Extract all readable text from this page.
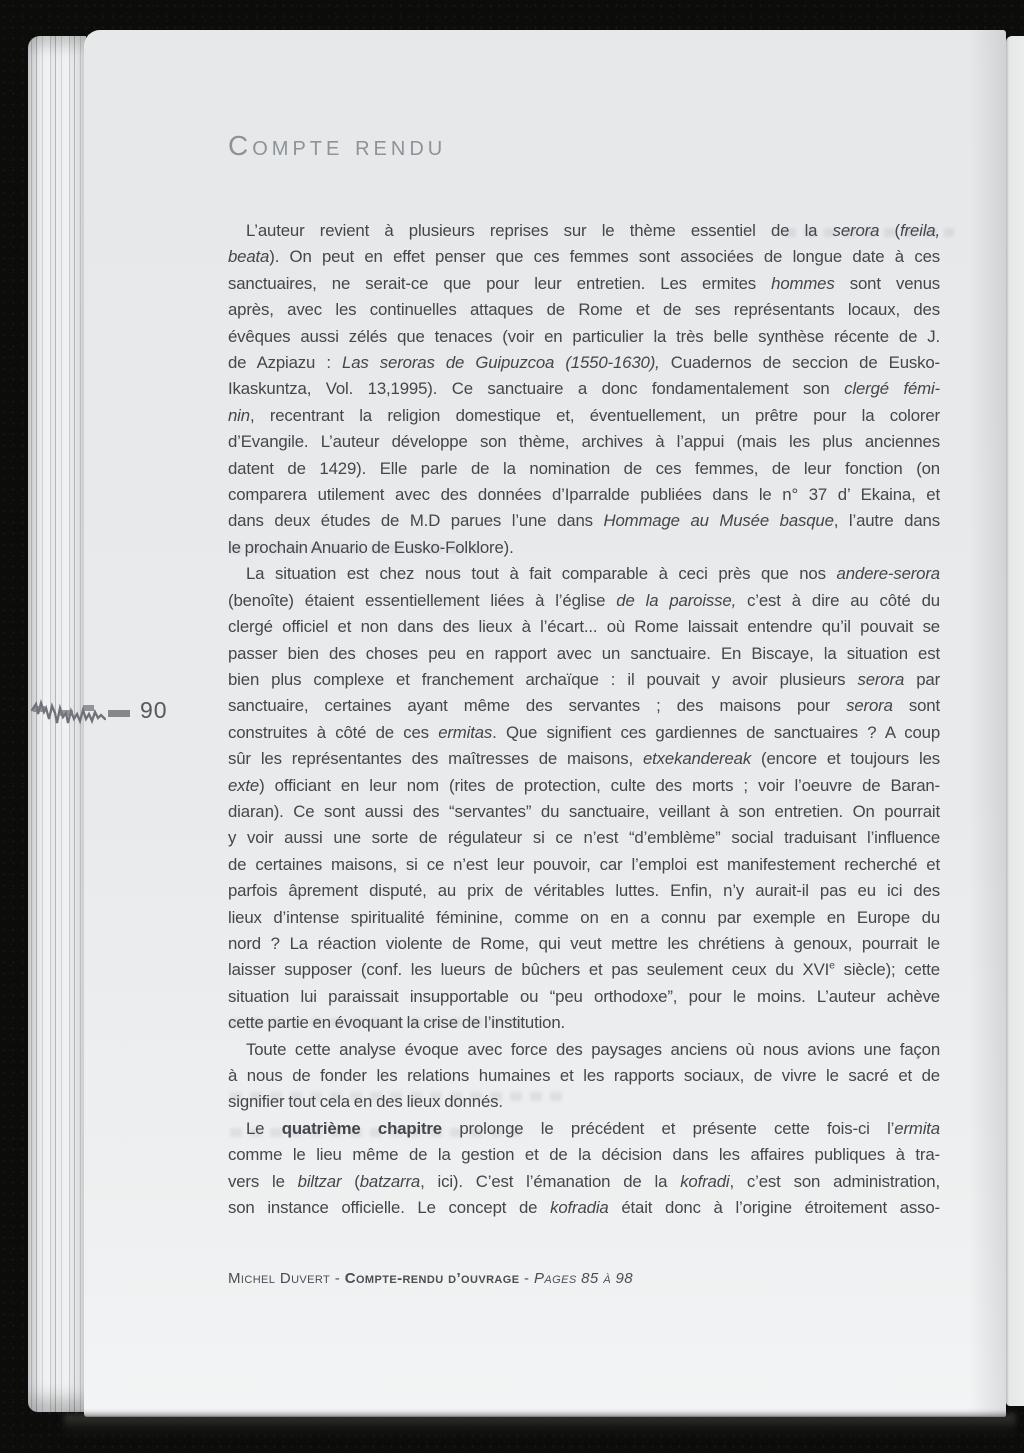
Compte rendu
L’auteur revient à plusieurs reprises sur le thème essentiel de la serora (freila,
beata). On peut en effet penser que ces femmes sont associées de longue date à ces
sanctuaires, ne serait-ce que pour leur entretien. Les ermites hommes sont venus
après, avec les continuelles attaques de Rome et de ses représentants locaux, des
évêques aussi zélés que tenaces (voir en particulier la très belle synthèse récente de J.
de Azpiazu : Las seroras de Guipuzcoa (1550-1630), Cuadernos de seccion de Eusko-
Ikaskuntza, Vol. 13,1995). Ce sanctuaire a donc fondamentalement son clergé fémi-
nin, recentrant la religion domestique et, éventuellement, un prêtre pour la colorer
d’Evangile. L’auteur développe son thème, archives à l’appui (mais les plus anciennes
datent de 1429). Elle parle de la nomination de ces femmes, de leur fonction (on
comparera utilement avec des données d’Iparralde publiées dans le n° 37 d’ Ekaina, et
dans deux études de M.D parues l’une dans Hommage au Musée basque, l’autre dans
le prochain Anuario de Eusko-Folklore).
La situation est chez nous tout à fait comparable à ceci près que nos andere-serora
(benoîte) étaient essentiellement liées à l’église de la paroisse, c’est à dire au côté du
clergé officiel et non dans des lieux à l’écart... où Rome laissait entendre qu’il pouvait se
passer bien des choses peu en rapport avec un sanctuaire. En Biscaye, la situation est
bien plus complexe et franchement archaïque : il pouvait y avoir plusieurs serora par
sanctuaire, certaines ayant même des servantes ; des maisons pour serora sont
construites à côté de ces ermitas. Que signifient ces gardiennes de sanctuaires ? A coup
sûr les représentantes des maîtresses de maisons, etxekandereak (encore et toujours les
exte) officiant en leur nom (rites de protection, culte des morts ; voir l’oeuvre de Baran-
diaran). Ce sont aussi des “servantes” du sanctuaire, veillant à son entretien. On pourrait
y voir aussi une sorte de régulateur si ce n’est “d’emblème” social traduisant l’influence
de certaines maisons, si ce n’est leur pouvoir, car l’emploi est manifestement recherché et
parfois âprement disputé, au prix de véritables luttes. Enfin, n’y aurait-il pas eu ici des
lieux d’intense spiritualité féminine, comme on en a connu par exemple en Europe du
nord ? La réaction violente de Rome, qui veut mettre les chrétiens à genoux, pourrait le
laisser supposer (conf. les lueurs de bûchers et pas seulement ceux du XVIe siècle); cette
situation lui paraissait insupportable ou “peu orthodoxe”, pour le moins. L’auteur achève
cette partie en évoquant la crise de l’institution.
Toute cette analyse évoque avec force des paysages anciens où nous avions une façon
à nous de fonder les relations humaines et les rapports sociaux, de vivre le sacré et de
signifier tout cela en des lieux donnés.
Le quatrième chapitre prolonge le précédent et présente cette fois-ci l’ermita
comme le lieu même de la gestion et de la décision dans les affaires publiques à tra-
vers le biltzar (batzarra, ici). C’est l’émanation de la kofradi, c’est son administration,
son instance officielle. Le concept de kofradia était donc à l’origine étroitement asso-
Michel Duvert - Compte-rendu d’ouvrage - Pages 85 à 98
90
